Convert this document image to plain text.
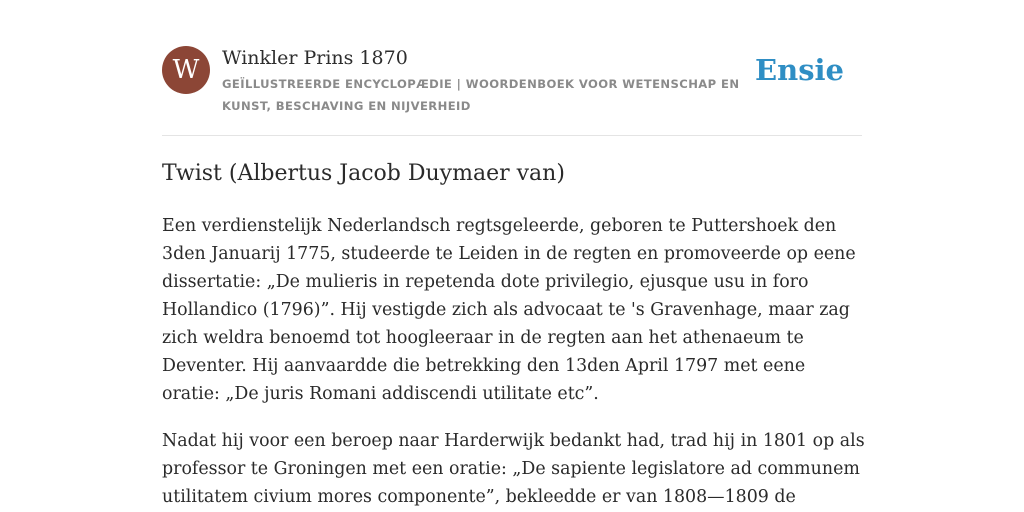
W	Winkler Prins 1870
GEÏLLUSTREERDE ENCYCLOPÆDIE | WOORDENBOEK VOOR WETENSCHAP EN KUNST, BESCHAVING EN NIJVERHEID
Ensie
Twist (Albertus Jacob Duymaer van)

Een verdienstelijk Nederlandsch regtsgeleerde, geboren te Puttershoek den 3den Januarij 1775, studeerde te Leiden in de regten en promoveerde op eene dissertatie: „De mulieris in repetenda dote privilegio, ejusque usu in foro Hollandico (1796)”. Hij vestigde zich als advocaat te 's Gravenhage, maar zag zich weldra benoemd tot hoogleeraar in de regten aan het athenaeum te Deventer. Hij aanvaardde die betrekking den 13den April 1797 met eene oratie: „De juris Romani addiscendi utilitate etc”.

Nadat hij voor een beroep naar Harderwijk bedankt had, trad hij in 1801 op als professor te Groningen met een oratie: „De sapiente legislatore ad communem utilitatem civium mores componente”, bekleedde er van 1808—1809 de
